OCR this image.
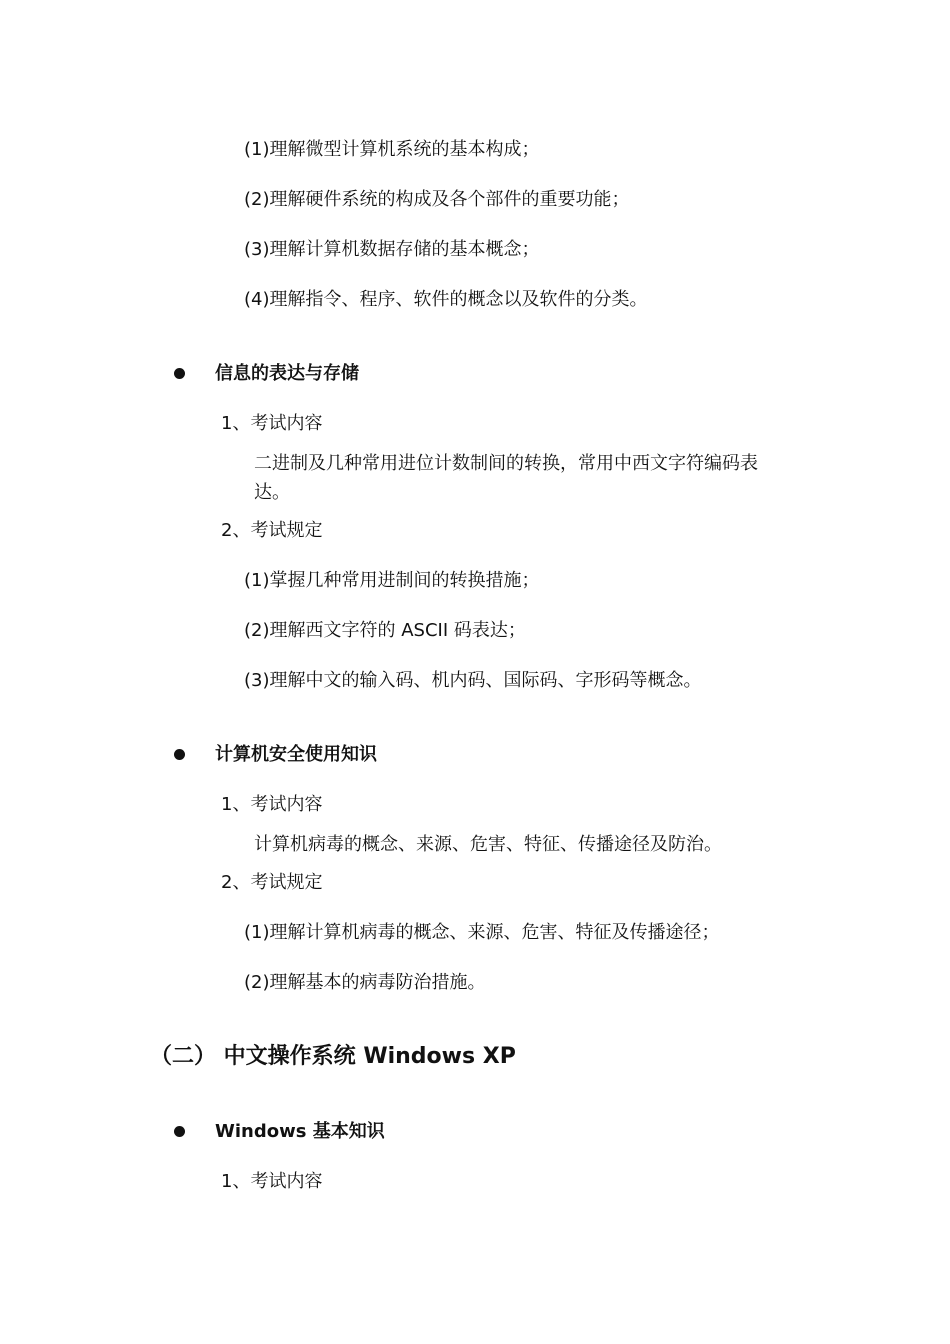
(1)理解微型计算机系统的基本构成；
(2)理解硬件系统的构成及各个部件的重要功能；
(3)理解计算机数据存储的基本概念；
(4)理解指令、程序、软件的概念以及软件的分类。
信息的表达与存储
1、考试内容
二进制及几种常用进位计数制间的转换，常用中西文字符编码表
达。
2、考试规定
(1)掌握几种常用进制间的转换措施；
(2)理解西文字符的 ASCII 码表达；
(3)理解中文的输入码、机内码、国际码、字形码等概念。
计算机安全使用知识
1、考试内容
计算机病毒的概念、来源、危害、特征、传播途径及防治。
2、考试规定
(1)理解计算机病毒的概念、来源、危害、特征及传播途径；
(2)理解基本的病毒防治措施。
（二） 中文操作系统 Windows XP
Windows 基本知识
1、考试内容
